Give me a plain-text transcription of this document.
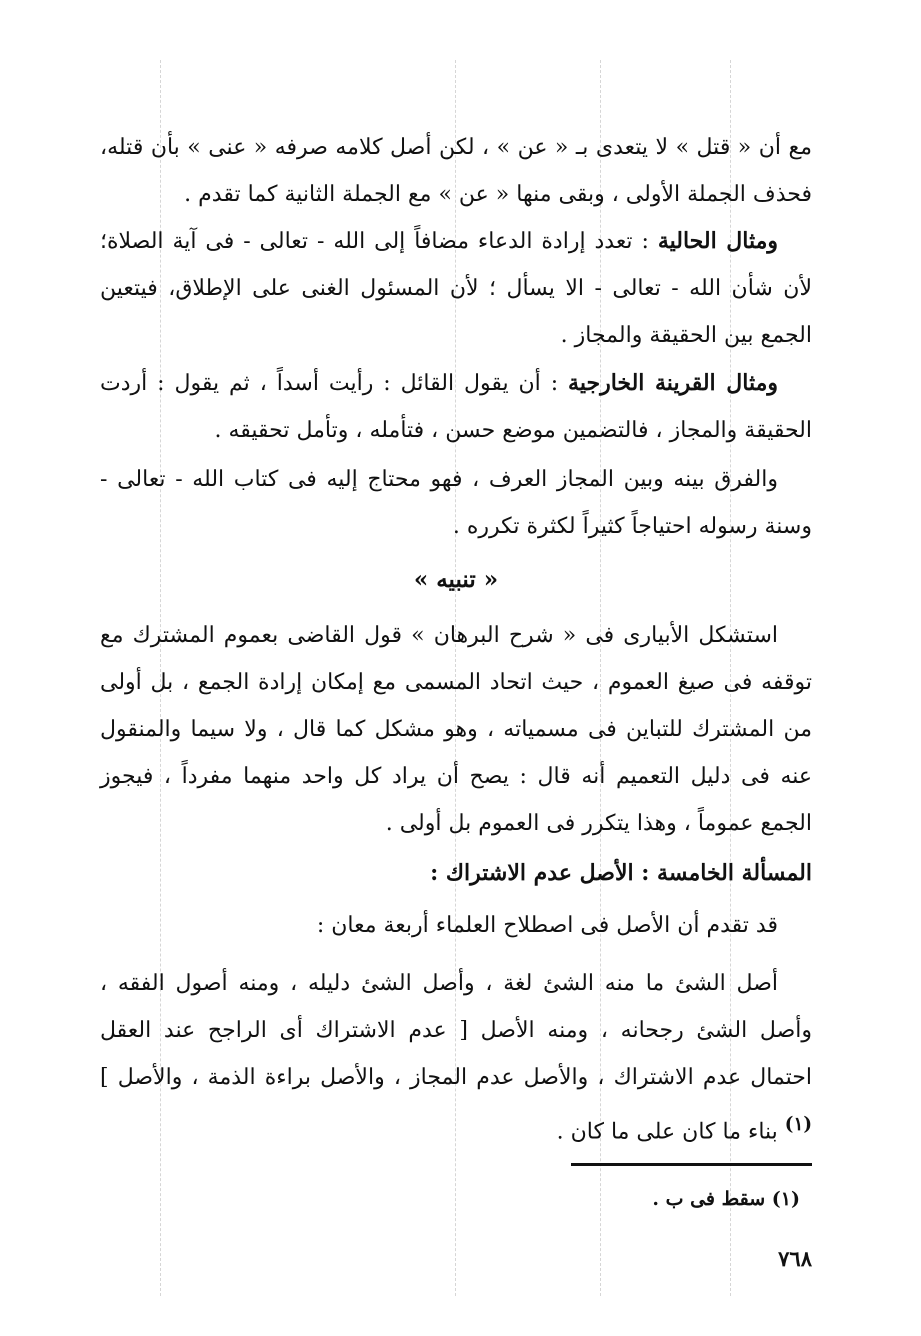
مع أن « قتل » لا يتعدى بـ « عن » ، لكن أصل كلامه صرفه « عنى » بأن قتله، فحذف الجملة الأولى ، وبقى منها « عن » مع الجملة الثانية كما تقدم .

ومثال الحالية : تعدد إرادة الدعاء مضافاً إلى الله - تعالى - فى آية الصلاة؛ لأن شأن الله - تعالى - الا يسأل ؛ لأن المسئول الغنى على الإطلاق، فيتعين الجمع بين الحقيقة والمجاز .

ومثال القرينة الخارجية : أن يقول القائل : رأيت أسداً ، ثم يقول : أردت الحقيقة والمجاز ، فالتضمين موضع حسن ، فتأمله ، وتأمل تحقيقه .

والفرق بينه وبين المجاز العرف ، فهو محتاج إليه فى كتاب الله - تعالى - وسنة رسوله احتياجاً كثيراً لكثرة تكرره .

« تنبيه »

استشكل الأبيارى فى « شرح البرهان » قول القاضى بعموم المشترك مع توقفه فى صيغ العموم ، حيث اتحاد المسمى مع إمكان إرادة الجمع ، بل أولى من المشترك للتباين فى مسمياته ، وهو مشكل كما قال ، ولا سيما والمنقول عنه فى دليل التعميم أنه قال : يصح أن يراد كل واحد منهما مفرداً ، فيجوز الجمع عموماً ، وهذا يتكرر فى العموم بل أولى .

المسألة الخامسة : الأصل عدم الاشتراك :

قد تقدم أن الأصل فى اصطلاح العلماء أربعة معان :

أصل الشئ ما منه الشئ لغة ، وأصل الشئ دليله ، ومنه أصول الفقه ، وأصل الشئ رجحانه ، ومنه الأصل [ عدم الاشتراك أى الراجح عند العقل احتمال عدم الاشتراك ، والأصل عدم المجاز ، والأصل براءة الذمة ، والأصل ] $^{(١)}$ بناء ما كان على ما كان .

(١) سقط فى ب .
٧٦٨
